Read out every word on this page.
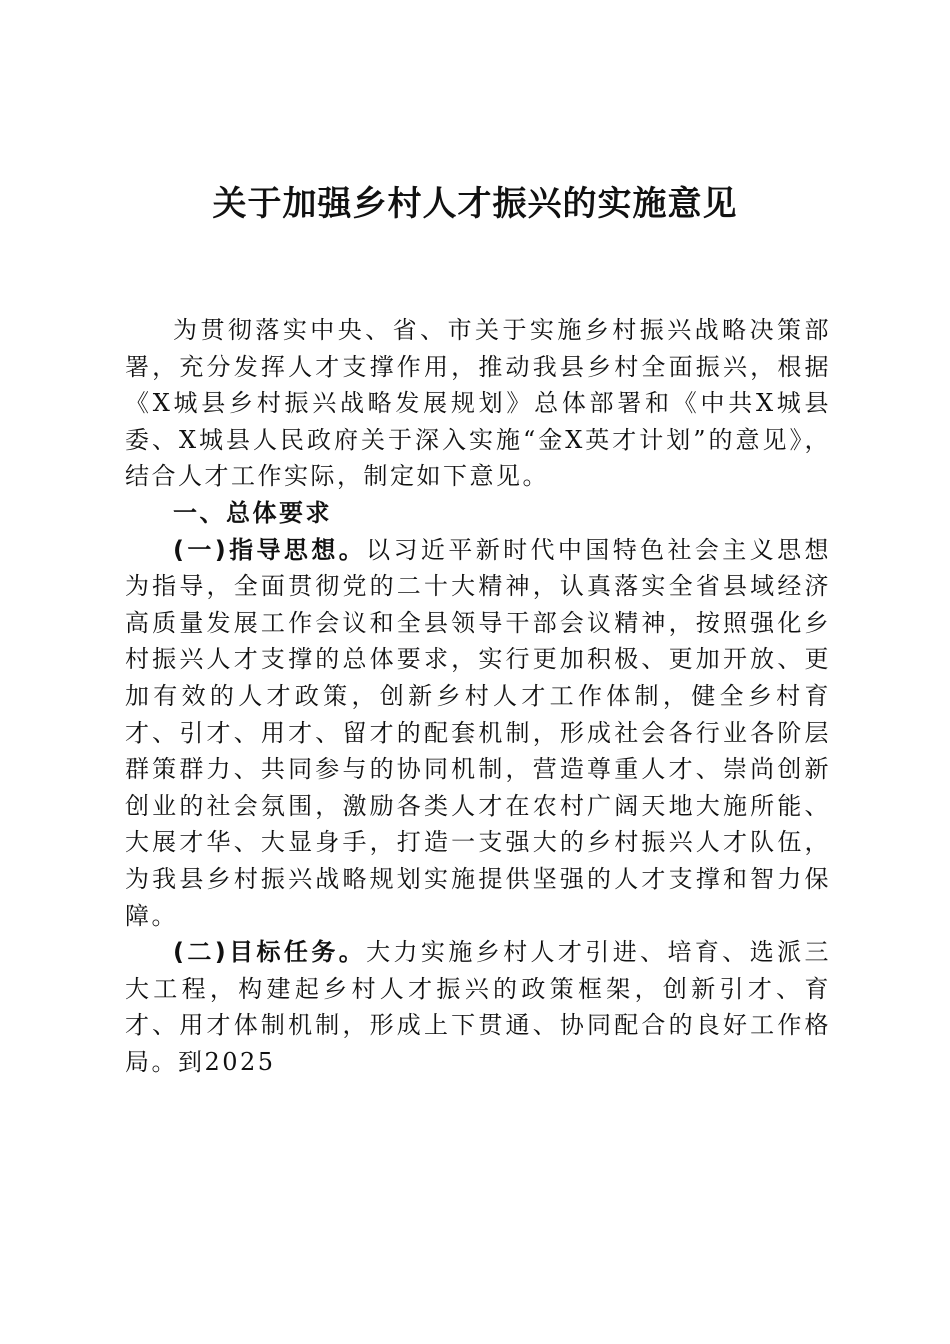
关于加强乡村人才振兴的实施意见

为贯彻落实中央、省、市关于实施乡村振兴战略决策部署，充分发挥人才支撑作用，推动我县乡村全面振兴，根据《X城县乡村振兴战略发展规划》总体部署和《中共X城县委、X城县人民政府关于深入实施“金X英才计划”的意见》，结合人才工作实际，制定如下意见。

一、总体要求

(一)指导思想。以习近平新时代中国特色社会主义思想为指导，全面贯彻党的二十大精神，认真落实全省县域经济高质量发展工作会议和全县领导干部会议精神，按照强化乡村振兴人才支撑的总体要求，实行更加积极、更加开放、更加有效的人才政策，创新乡村人才工作体制，健全乡村育才、引才、用才、留才的配套机制，形成社会各行业各阶层群策群力、共同参与的协同机制，营造尊重人才、崇尚创新创业的社会氛围，激励各类人才在农村广阔天地大施所能、大展才华、大显身手，打造一支强大的乡村振兴人才队伍，为我县乡村振兴战略规划实施提供坚强的人才支撑和智力保障。

(二)目标任务。大力实施乡村人才引进、培育、选派三大工程，构建起乡村人才振兴的政策框架，创新引才、育才、用才体制机制，形成上下贯通、协同配合的良好工作格局。到2025
